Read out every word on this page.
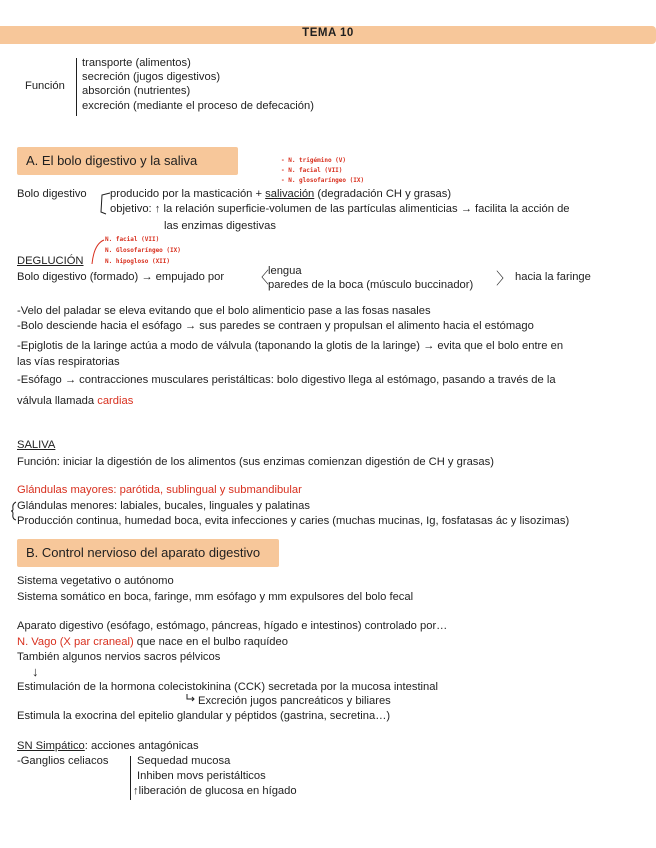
TEMA 10
Función
transporte (alimentos)
secreción (jugos digestivos)
absorción (nutrientes)
excreción (mediante el proceso de defecación)
A. El bolo digestivo y la saliva	- N. trigémino (V)
- N. facial (VII)
- N. glosofaríngeo (IX)
Bolo digestivo producido por la masticación + salivación (degradación CH y grasas)
objetivo: ↑ la relación superficie-volumen de las partículas alimenticias → facilita la acción de
las enzimas digestivas
DEGLUCIÓN
N. facial (VII)
N. Glosofaríngeo (IX)
N. hipogloso (XII)
Bolo digestivo (formado) → empujado por 〈
lengua
paredes de la boca (músculo buccinador) 〉 hacia la faringe
-Velo del paladar se eleva evitando que el bolo alimenticio pase a las fosas nasales
-Bolo desciende hacia el esófago → sus paredes se contraen y propulsan el alimento hacia el estómago
-Epiglotis de la laringe actúa a modo de válvula (taponando la glotis de la laringe) → evita que el bolo entre en
las vías respiratorias
-Esófago → contracciones musculares peristálticas: bolo digestivo llega al estómago, pasando a través de la
válvula llamada cardias
SALIVA
Función: iniciar la digestión de los alimentos (sus enzimas comienzan digestión de CH y grasas)
Glándulas mayores: parótida, sublingual y submandibular
Glándulas menores: labiales, bucales, linguales y palatinas
Producción continua, humedad boca, evita infecciones y caries (muchas mucinas, Ig, fosfatasas ác y lisozimas)
B. Control nervioso del aparato digestivo
Sistema vegetativo o autónomo
Sistema somático en boca, faringe, mm esófago y mm expulsores del bolo fecal
Aparato digestivo (esófago, estómago, páncreas, hígado e intestinos) controlado por…
N. Vago (X par craneal) que nace en el bulbo raquídeo
También algunos nervios sacros pélvicos
↓
Estimulación de la hormona colecistokinina (CCK) secretada por la mucosa intestinal
Excreción jugos pancreáticos y biliares
Estimula la exocrina del epitelio glandular y péptidos (gastrina, secretina…)
SN Simpático: acciones antagónicas
-Ganglios celiacos	Sequedad mucosa
Inhiben movs peristálticos
↑liberación de glucosa en hígado
